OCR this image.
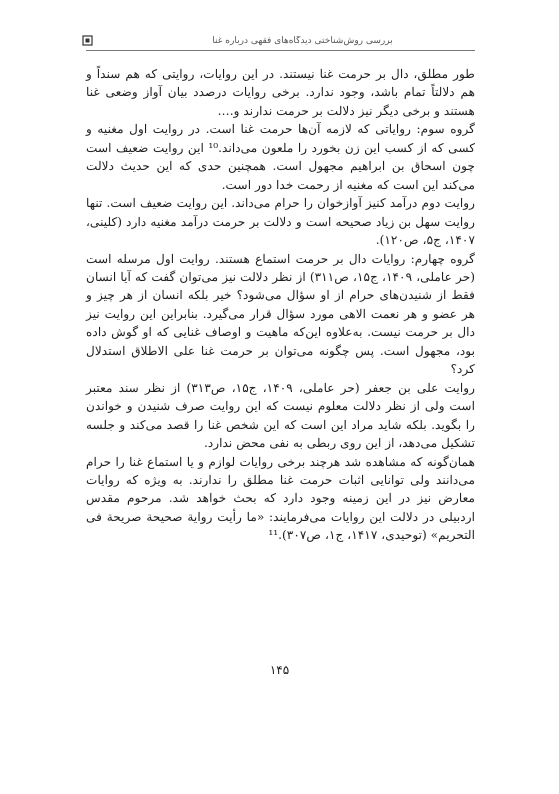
بررسی روش‌شناختی دیدگاه‌های فقهی درباره غنا

طور مطلق، دال بر حرمت غنا نیستند. در این روایات، روایتی که هم سنداً و هم دلالتاً تمام باشد، وجود ندارد. برخی روایات درصدد بیان آواز وضعی غنا هستند و برخی دیگر نیز دلالت بر حرمت ندارند و….

گروه سوم: روایاتی که لازمه آن‌ها حرمت غنا است. در روایت اول مغنیه و کسی که از کسب این زن بخورد را ملعون می‌داند.¹⁰ این روایت ضعیف است چون اسحاق بن ابراهیم مجهول است. همچنین حدی که این حدیث دلالت می‌کند این است که مغنیه از رحمت خدا دور است.

روایت دوم درآمد کنیز آوازخوان را حرام می‌داند. این روایت ضعیف است. تنها روایت سهل بن زیاد صحیحه است و دلالت بر حرمت درآمد مغنیه دارد (کلینی، ۱۴۰۷، ج۵، ص۱۲۰).

گروه چهارم: روایات دال بر حرمت استماع هستند. روایت اول مرسله است (حر عاملی، ۱۴۰۹، ج۱۵، ص۳۱۱) از نظر دلالت نیز می‌توان گفت که آیا انسان فقط از شنیدن‌های حرام از او سؤال می‌شود؟ خیر بلکه انسان از هر چیز و هر عضو و هر نعمت الاهی مورد سؤال قرار می‌گیرد. بنابراین این روایت نیز دال بر حرمت نیست. به‌علاوه این‌که ماهیت و اوصاف غنایی که او گوش داده بود، مجهول است. پس چگونه می‌توان بر حرمت غنا علی الاطلاق استدلال کرد؟

روایت علی بن جعفر (حر عاملی، ۱۴۰۹، ج۱۵، ص۳۱۳) از نظر سند معتبر است ولی از نظر دلالت معلوم نیست که این روایت صرف شنیدن و خواندن را بگوید. بلکه شاید مراد این است که این شخص غنا را قصد می‌کند و جلسه تشکیل می‌دهد، از این روی ربطی به نفی محض ندارد.

همان‌گونه که مشاهده شد هرچند برخی روایات لوازم و یا استماع غنا را حرام می‌دانند ولی توانایی اثبات حرمت غنا مطلق را ندارند. به ویژه که روایات معارض نیز در این زمینه وجود دارد که بحث خواهد شد. مرحوم مقدس اردبیلی در دلالت این روایات می‌فرمایند: «ما رأیت روایة صحیحة صریحة فی التحریم» (توحیدی، ۱۴۱۷، ج۱، ص۳۰۷).¹¹

۱۴۵
